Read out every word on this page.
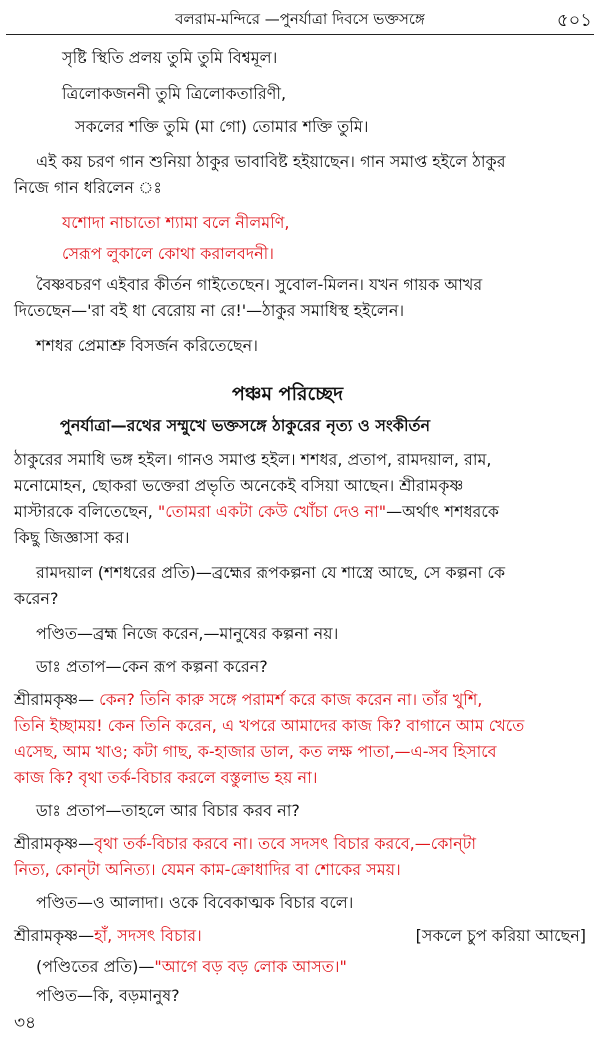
বলরাম-মন্দিরে —পুনর্যাত্রা দিবসে ভক্তসঙ্গে	৫০১
সৃষ্টি স্থিতি প্রলয় তুমি তুমি বিশ্বমূল।
ত্রিলোকজননী তুমি ত্রিলোকতারিণী,
সকলের শক্তি তুমি (মা গো) তোমার শক্তি তুমি।
এই কয় চরণ গান শুনিয়া ঠাকুর ভাবাবিষ্ট হইয়াছেন। গান সমাপ্ত হইলে ঠাকুর
নিজে গান ধরিলেন ঃ
যশোদা নাচাতো শ্যামা বলে নীলমণি,
সেরূপ লুকালে কোথা করালবদনী।
বৈষ্ণবচরণ এইবার কীর্তন গাইতেছেন। সুবোল-মিলন। যখন গায়ক আখর
দিতেছেন—'রা বই ধা বেরোয় না রে!'—ঠাকুর সমাধিস্থ হইলেন।
শশধর প্রেমাশ্রু বিসর্জন করিতেছেন।
পঞ্চম পরিচ্ছেদ
পুনর্যাত্রা—রথের সম্মুখে ভক্তসঙ্গে ঠাকুরের নৃত্য ও সংকীর্তন
ঠাকুরের সমাধি ভঙ্গ হইল। গানও সমাপ্ত হইল। শশধর, প্রতাপ, রামদয়াল, রাম,
মনোমোহন, ছোকরা ভক্তেরা প্রভৃতি অনেকেই বসিয়া আছেন। শ্রীরামকৃষ্ণ
কিছু জিজ্ঞাসা কর।
রামদয়াল (শশধরের প্রতি)—ব্রহ্মের রূপকল্পনা যে শাস্ত্রে আছে, সে কল্পনা কে
করেন?
পণ্ডিত—ব্রহ্ম নিজে করেন,—মানুষের কল্পনা নয়।
ডাঃ প্রতাপ—কেন রূপ কল্পনা করেন?
তিনি ইচ্ছাময়! কেন তিনি করেন, এ খপরে আমাদের কাজ কি? বাগানে আম খেতে
এসেছ, আম খাও; কটা গাছ, ক-হাজার ডাল, কত লক্ষ পাতা,—এ-সব হিসাবে
কাজ কি? বৃথা তর্ক-বিচার করলে বস্তুলাভ হয় না।
ডাঃ প্রতাপ—তাহলে আর বিচার করব না?
নিত্য, কোন্‌টা অনিত্য। যেমন কাম-ক্রোধাদির বা শোকের সময়।
পণ্ডিত—ও আলাদা। ওকে বিবেকাত্মক বিচার বলে।
পণ্ডিত—কি, বড়মানুষ?
মাস্টারকে বলিতেছেন, "তোমরা একটা কেউ খোঁচা দেও না"—অর্থাৎ শশধরকে
শ্রীরামকৃষ্ণ— কেন? তিনি কারু সঙ্গে পরামর্শ করে কাজ করেন না। তাঁর খুশি,
শ্রীরামকৃষ্ণ—বৃথা তর্ক-বিচার করবে না। তবে সদসৎ বিচার করবে,—কোন্‌টা
শ্রীরামকৃষ্ণ—হাঁ, সদসৎ বিচার।	[সকলে চুপ করিয়া আছেন]
(পণ্ডিতের প্রতি)—"আগে বড় বড় লোক আসত।"
৩৪
